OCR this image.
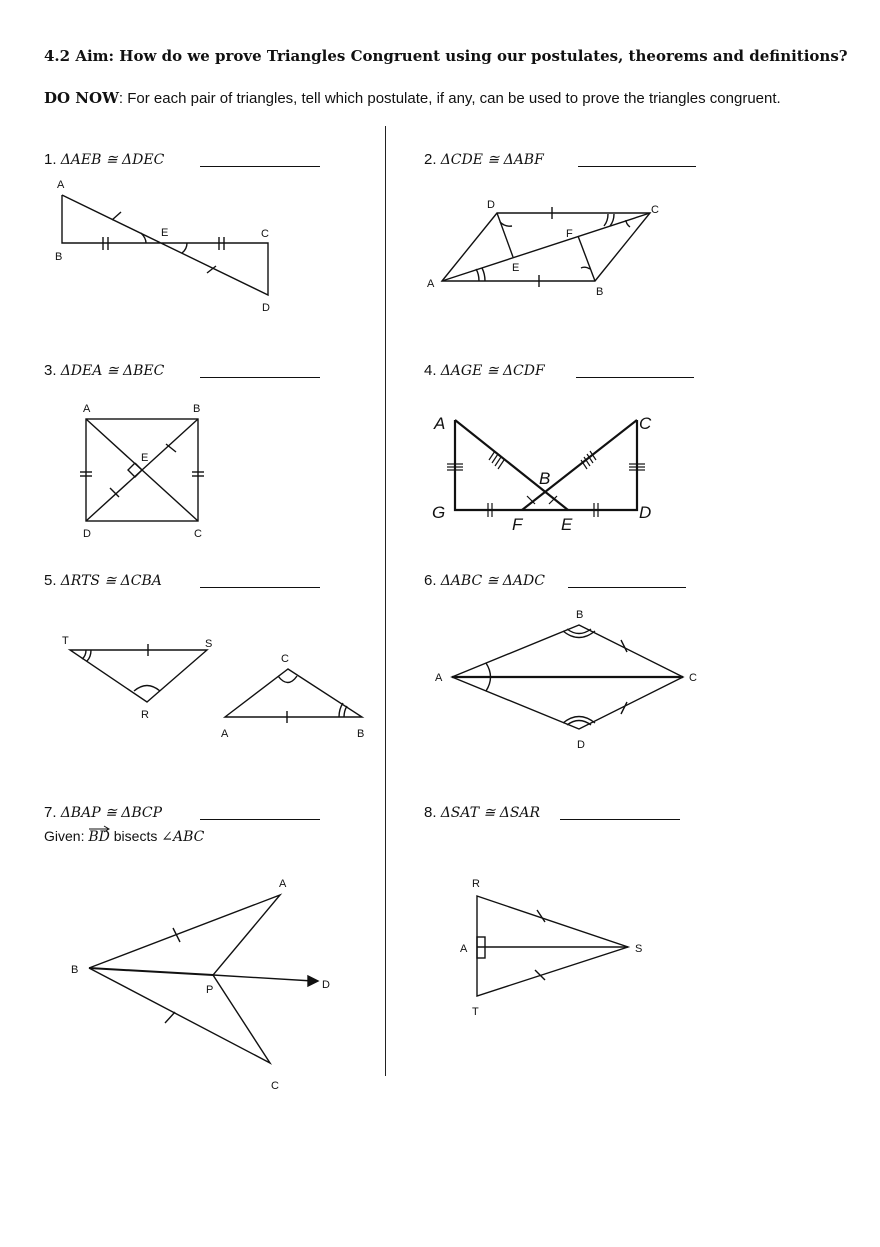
4.2 Aim: How do we prove Triangles Congruent using our postulates, theorems and definitions?
DO NOW: For each pair of triangles, tell which postulate, if any, can be used to prove the triangles congruent.
1. ΔAEB ≅ ΔDEC	2. ΔCDE ≅ ΔABF
3. ΔDEA ≅ ΔBEC	4. ΔAGE ≅ ΔCDF
5. ΔRTS ≅ ΔCBA	6. ΔABC ≅ ΔADC
7. ΔBAP ≅ ΔBCP
Given: BD
bisects ∠ABC
8. ΔSAT ≅ ΔSAR
A
B
E	C
D
D	C
F
E
A
B
A	B
E
D	C
A	C
B
G	D
F E
T	S
R
C
A	B
B
A	C
D
A
B
P	D
C
R
A	S
T
